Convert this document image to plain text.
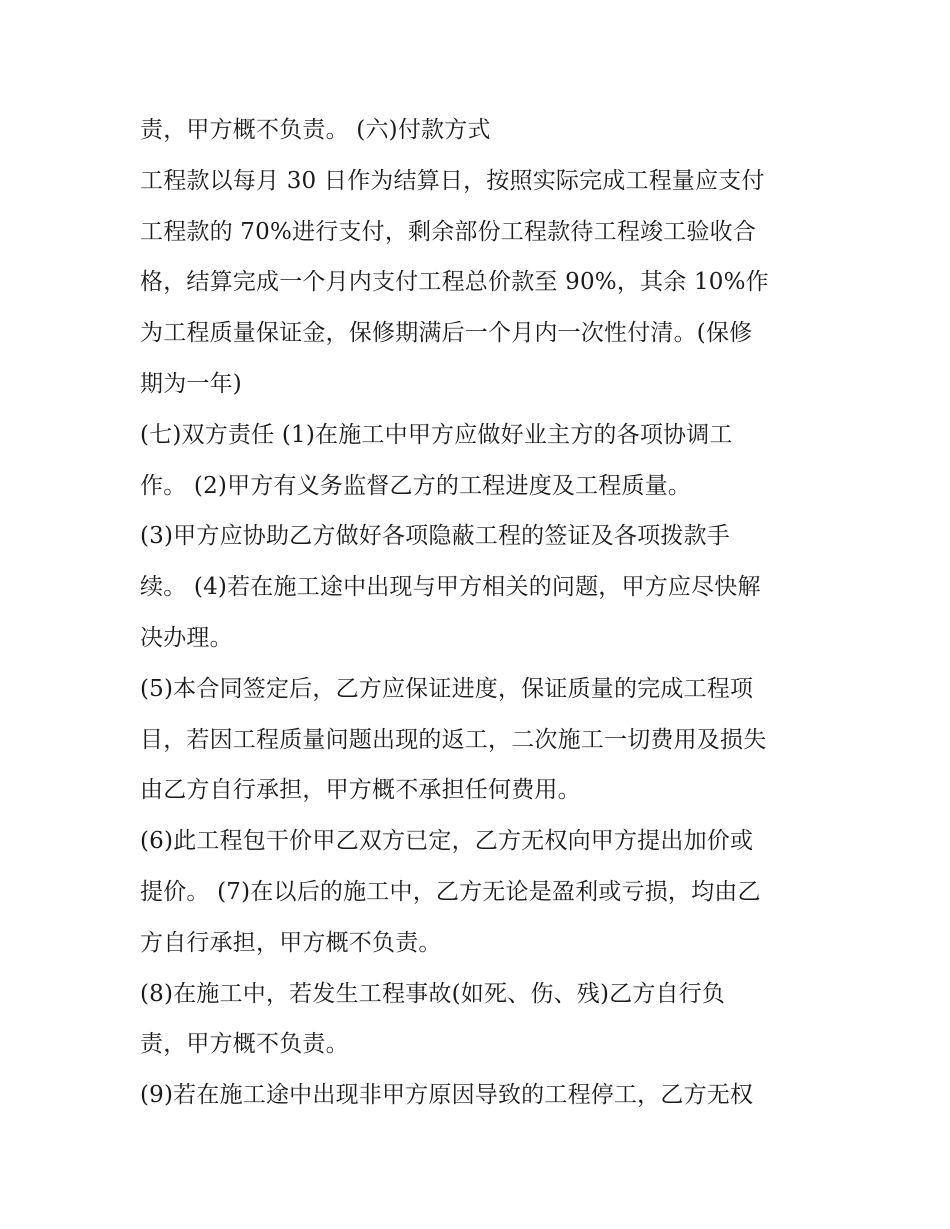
责，甲方概不负责。 (六)付款方式
工程款以每月 30 日作为结算日，按照实际完成工程量应支付
工程款的 70%进行支付，剩余部份工程款待工程竣工验收合
格，结算完成一个月内支付工程总价款至 90%，其余 10%作
为工程质量保证金，保修期满后一个月内一次性付清。(保修
期为一年)
(七)双方责任 (1)在施工中甲方应做好业主方的各项协调工
作。 (2)甲方有义务监督乙方的工程进度及工程质量。
(3)甲方应协助乙方做好各项隐蔽工程的签证及各项拨款手
续。 (4)若在施工途中出现与甲方相关的问题，甲方应尽快解
决办理。
(5)本合同签定后，乙方应保证进度，保证质量的完成工程项
目，若因工程质量问题出现的返工，二次施工一切费用及损失
由乙方自行承担，甲方概不承担任何费用。
(6)此工程包干价甲乙双方已定，乙方无权向甲方提出加价或
提价。 (7)在以后的施工中，乙方无论是盈利或亏损，均由乙
方自行承担，甲方概不负责。
(8)在施工中，若发生工程事故(如死、伤、残)乙方自行负
责，甲方概不负责。
(9)若在施工途中出现非甲方原因导致的工程停工，乙方无权
